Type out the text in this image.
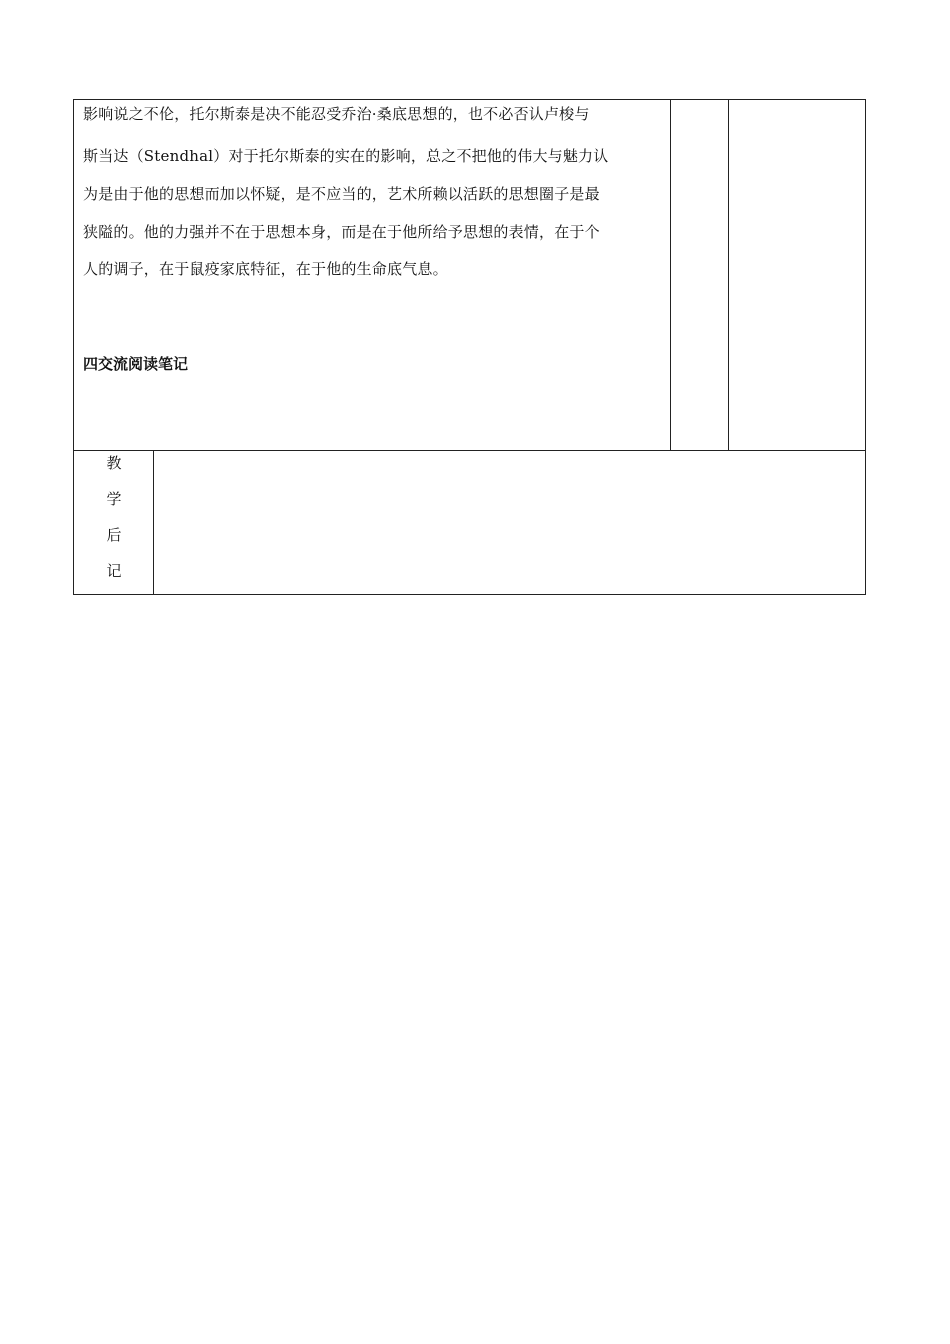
影响说之不伦，托尔斯泰是决不能忍受乔治·桑底思想的，也不必否认卢梭与
斯当达（Stendhal）对于托尔斯泰的实在的影响，总之不把他的伟大与魅力认
为是由于他的思想而加以怀疑，是不应当的，艺术所赖以活跃的思想圈子是最
狭隘的。他的力强并不在于思想本身，而是在于他所给予思想的表情，在于个
人的调子，在于鼠疫家底特征，在于他的生命底气息。
四交流阅读笔记
教
学
后
记
